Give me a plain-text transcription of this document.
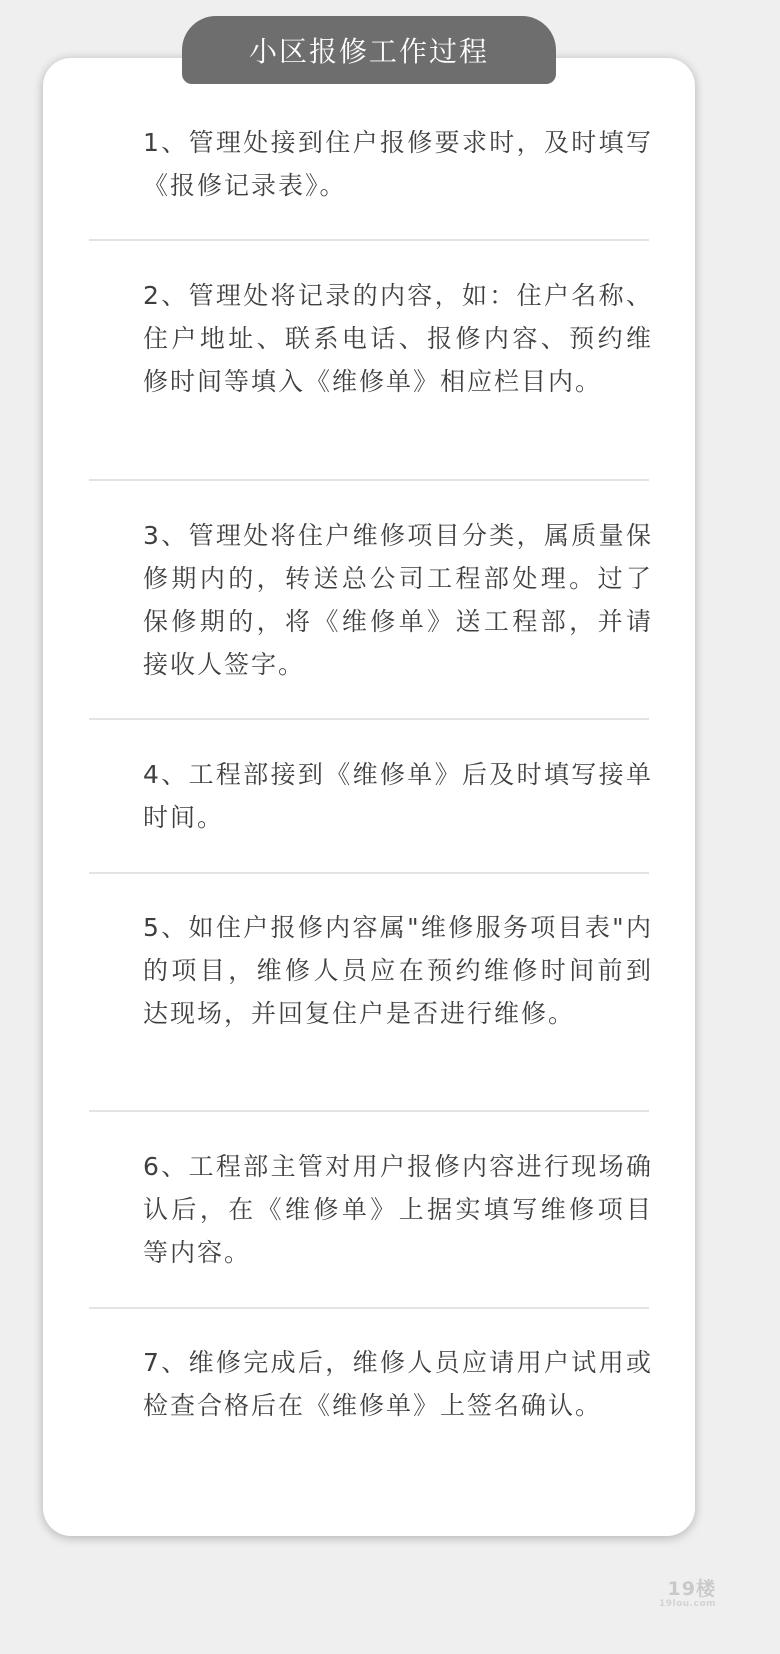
小区报修工作过程
1、管理处接到住户报修要求时，及时填写《报修记录表》。
2、管理处将记录的内容，如：住户名称、住户地址、联系电话、报修内容、预约维修时间等填入《维修单》相应栏目内。
3、管理处将住户维修项目分类，属质量保修期内的，转送总公司工程部处理。过了保修期的，将《维修单》送工程部，并请接收人签字。
4、工程部接到《维修单》后及时填写接单时间。
5、如住户报修内容属"维修服务项目表"内的项目，维修人员应在预约维修时间前到达现场，并回复住户是否进行维修。
6、工程部主管对用户报修内容进行现场确认后，在《维修单》上据实填写维修项目等内容。
7、维修完成后，维修人员应请用户试用或检查合格后在《维修单》上签名确认。
19楼
19lou.com
